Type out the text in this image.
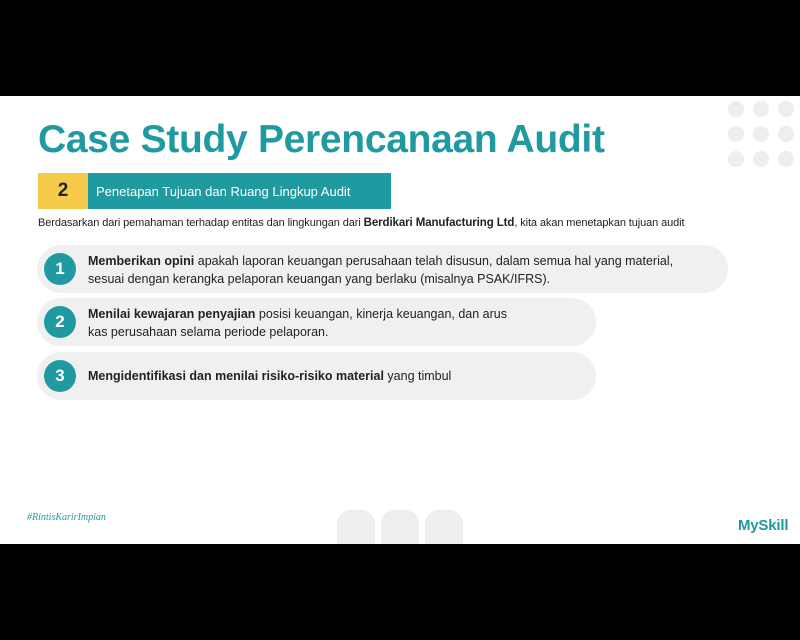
Case Study Perencanaan Audit
2	Penetapan Tujuan dan Ruang Lingkup Audit
Berdasarkan dari pemahaman terhadap entitas dan lingkungan dari Berdikari Manufacturing Ltd, kita akan menetapkan tujuan audit
1	Memberikan opini apakah laporan keuangan perusahaan telah disusun, dalam semua hal yang material,
sesuai dengan kerangka pelaporan keuangan yang berlaku (misalnya PSAK/IFRS).
2	Menilai kewajaran penyajian posisi keuangan, kinerja keuangan, dan arus
kas perusahaan selama periode pelaporan.
3	Mengidentifikasi dan menilai risiko-risiko material yang timbul
#RintisKarirImpian	MySkill
